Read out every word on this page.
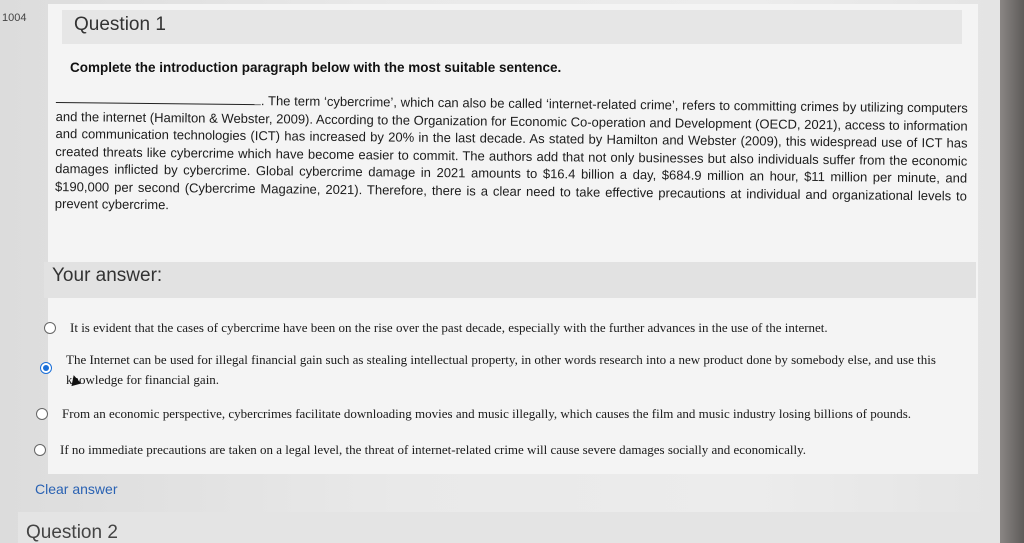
1004	Question 1
Complete the introduction paragraph below with the most suitable sentence.
. The term ‘cybercrime’, which can also be called ‘internet-related crime’, refers to committing crimes by utilizing computers and the internet (Hamilton & Webster, 2009). According to the Organization for Economic Co-operation and Development (OECD, 2021), access to information and communication technologies (ICT) has increased by 20% in the last decade. As stated by Hamilton and Webster (2009), this widespread use of ICT has created threats like cybercrime which have become easier to commit. The authors add that not only businesses but also individuals suffer from the economic damages inflicted by cybercrime. Global cybercrime damage in 2021 amounts to $16.4 billion a day, $684.9 million an hour, $11 million per minute, and $190,000 per second (Cybercrime Magazine, 2021). Therefore, there is a clear need to take effective precautions at individual and organizational levels to prevent cybercrime.
Your answer:
It is evident that the cases of cybercrime have been on the rise over the past decade, especially with the further advances in the use of the internet.
The Internet can be used for illegal financial gain such as stealing intellectual property, in other words research into a new product done by somebody else, and use this knowledge for financial gain.
From an economic perspective, cybercrimes facilitate downloading movies and music illegally, which causes the film and music industry losing billions of pounds.
If no immediate precautions are taken on a legal level, the threat of internet-related crime will cause severe damages socially and economically.
Clear answer
Question 2
